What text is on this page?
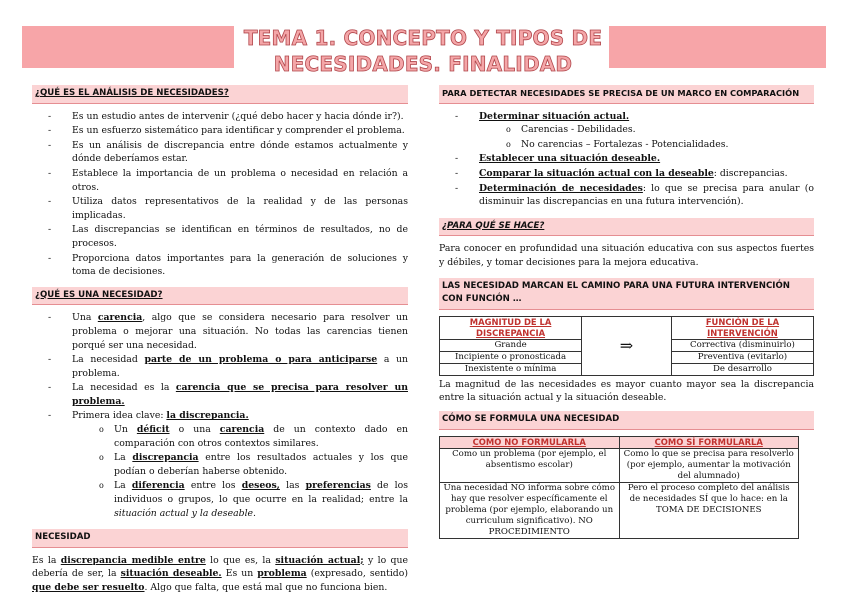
TEMA 1. CONCEPTO Y TIPOS DE
NECESIDADES. FINALIDAD
¿QUÉ ES EL ANÁLISIS DE NECESIDADES?
- Es un estudio antes de intervenir (¿qué debo hacer y hacia dónde ir?).
- Es un esfuerzo sistemático para identificar y comprender el problema.
- Es un análisis de discrepancia entre dónde estamos actualmente y dónde deberíamos estar.
- Establece la importancia de un problema o necesidad en relación a otros.
- Utiliza datos representativos de la realidad y de las personas implicadas.
- Las discrepancias se identifican en términos de resultados, no de procesos.
- Proporciona datos importantes para la generación de soluciones y toma de decisiones.
¿QUÉ ES UNA NECESIDAD?
- Una carencia, algo que se considera necesario para resolver un problema o mejorar una situación. No todas las carencias tienen porqué ser una necesidad.
- La necesidad parte de un problema o para anticiparse a un problema.
- La necesidad es la carencia que se precisa para resolver un problema.
- Primera idea clave: la discrepancia.
o Un déficit o una carencia de un contexto dado en comparación con otros contextos similares.
o La discrepancia entre los resultados actuales y los que podían o deberían haberse obtenido.
o La diferencia entre los deseos, las preferencias de los individuos o grupos, lo que ocurre en la realidad; entre la situación actual y la deseable.
NECESIDAD

Es la discrepancia medible entre lo que es, la situación actual; y lo que debería de ser, la situación deseable. Es un problema (expresado, sentido) que debe ser resuelto. Algo que falta, que está mal que no funciona bien.

PARA DETECTAR NECESIDADES SE PRECISA DE UN MARCO EN COMPARACIÓN
- Determinar situación actual.
o Carencias - Debilidades.
o No carencias – Fortalezas - Potencialidades.
- Establecer una situación deseable.
- Comparar la situación actual con la deseable: discrepancias.
- Determinación de necesidades: lo que se precisa para anular (o disminuir las discrepancias en una futura intervención).
¿PARA QUÉ SE HACE?

Para conocer en profundidad una situación educativa con sus aspectos fuertes y débiles, y tomar decisiones para la mejora educativa.

LAS NECESIDAD MARCAN EL CAMINO PARA UNA FUTURA INTERVENCIÓN CON FUNCIÓN …
MAGNITUD DE LA DISCREPANCIA	⇒	FUNCIÓN DE LA INTERVENCIÓN
Grande		Correctiva (disminuirlo)
Incipiente o pronosticada		Preventiva (evitarlo)
Inexistente o mínima		De desarrollo

La magnitud de las necesidades es mayor cuanto mayor sea la discrepancia entre la situación actual y la situación deseable.

CÓMO SE FORMULA UNA NECESIDAD
COMO NO FORMULARLA	COMO SÍ FORMULARLA
Como un problema (por ejemplo, el absentismo escolar)	Como lo que se precisa para resolverlo (por ejemplo, aumentar la motivación del alumnado)
Una necesidad NO informa sobre cómo hay que resolver específicamente el problema (por ejemplo, elaborando un curriculum significativo). NO PROCEDIMIENTO	Pero el proceso completo del análisis de necesidades SÍ que lo hace: en la TOMA DE DECISIONES
